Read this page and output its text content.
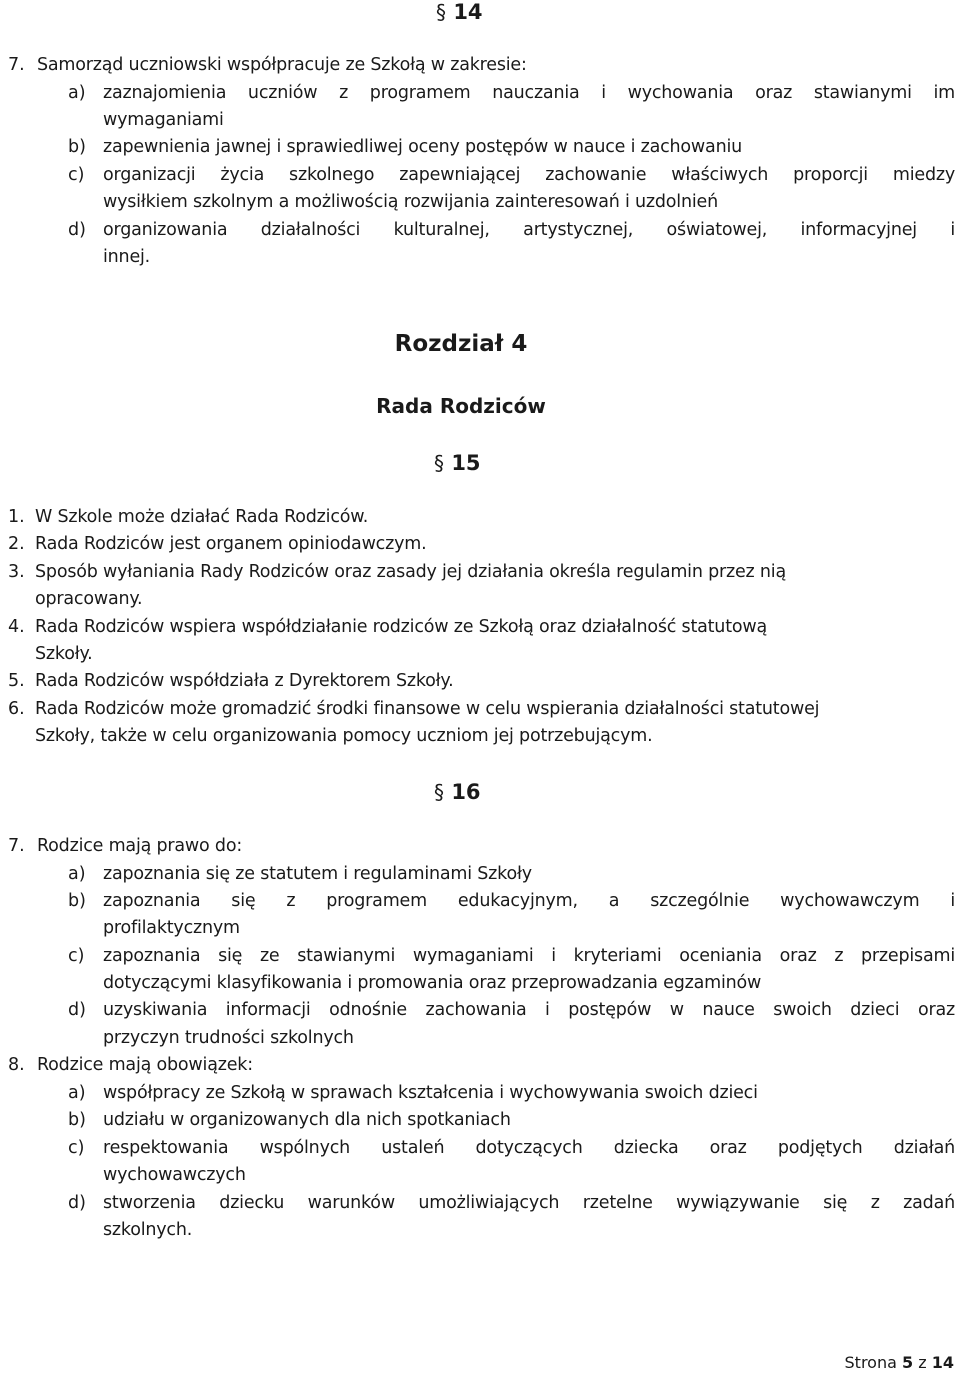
§ 14
7. Samorząd uczniowski współpracuje ze Szkołą w zakresie:
a) zaznajomienia uczniów z programem nauczania i wychowania oraz stawianymi im
wymaganiami
b) zapewnienia jawnej i sprawiedliwej oceny postępów w nauce i zachowaniu
c) organizacji życia szkolnego zapewniającej zachowanie właściwych proporcji miedzy
wysiłkiem szkolnym a możliwością rozwijania zainteresowań i uzdolnień
d) organizowania działalności kulturalnej, artystycznej, oświatowej, informacyjnej i
innej.
Rozdział 4
Rada Rodziców
§ 15
1. W Szkole może działać Rada Rodziców.
2. Rada Rodziców jest organem opiniodawczym.
3. Sposób wyłaniania Rady Rodziców oraz zasady jej działania określa regulamin przez nią
opracowany.
4. Rada Rodziców wspiera współdziałanie rodziców ze Szkołą oraz działalność statutową
Szkoły.
5. Rada Rodziców współdziała z Dyrektorem Szkoły.
6. Rada Rodziców może gromadzić środki finansowe w celu wspierania działalności statutowej
Szkoły, także w celu organizowania pomocy uczniom jej potrzebującym.
§ 16
7. Rodzice mają prawo do:
a) zapoznania się ze statutem i regulaminami Szkoły
b) zapoznania się z programem edukacyjnym, a szczególnie wychowawczym i
profilaktycznym
c) zapoznania się ze stawianymi wymaganiami i kryteriami oceniania oraz z przepisami
dotyczącymi klasyfikowania i promowania oraz przeprowadzania egzaminów
d) uzyskiwania informacji odnośnie zachowania i postępów w nauce swoich dzieci oraz
przyczyn trudności szkolnych
8. Rodzice mają obowiązek:
a) współpracy ze Szkołą w sprawach kształcenia i wychowywania swoich dzieci
b) udziału w organizowanych dla nich spotkaniach
c) respektowania wspólnych ustaleń dotyczących dziecka oraz podjętych działań
wychowawczych
d) stworzenia dziecku warunków umożliwiających rzetelne wywiązywanie się z zadań
szkolnych.
Strona 5 z 14
